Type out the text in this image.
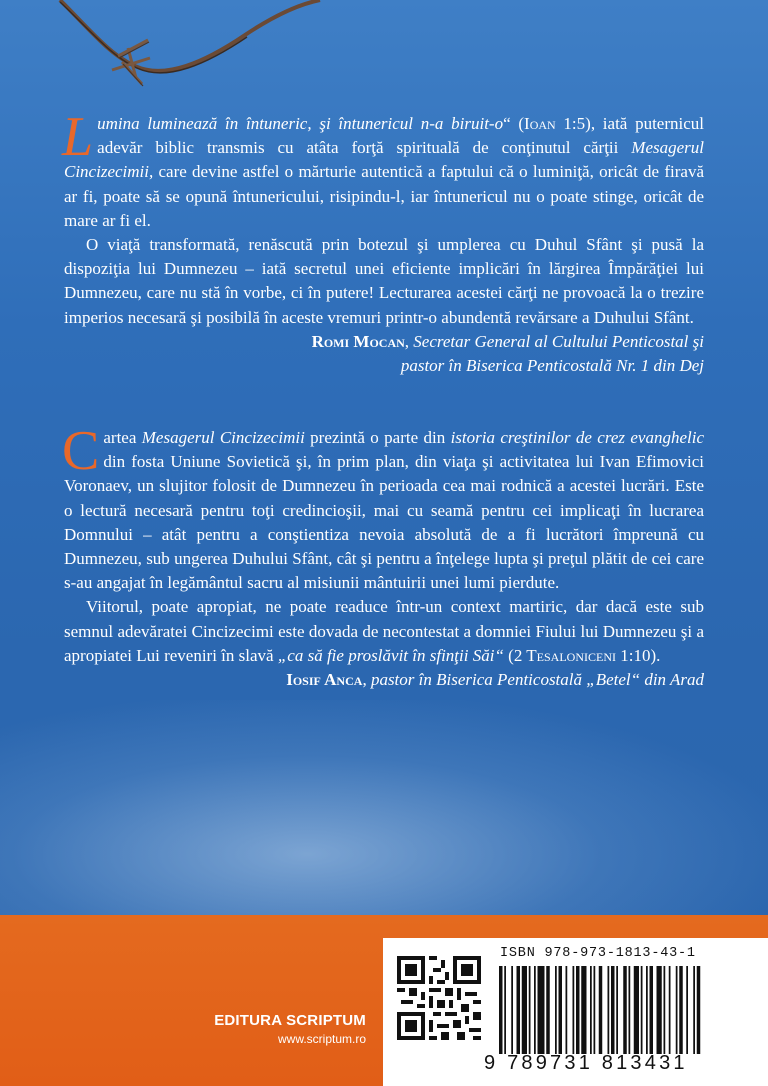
Lumina luminează în întuneric, şi întunericul n-a biruit-o“ (Ioan 1:5), iată puternicul adevăr biblic transmis cu atâta forţă spirituală de conţinutul cărţii Mesagerul Cincizecimii, care devine astfel o mărturie autentică a faptului că o luminiţă, oricât de firavă ar fi, poate să se opună întunericului, risipindu-l, iar întunericul nu o poate stinge, oricât de mare ar fi el.

O viaţă transformată, renăscută prin botezul şi umplerea cu Duhul Sfânt şi pusă la dispoziţia lui Dumnezeu – iată secretul unei eficiente implicări în lărgirea Împărăţiei lui Dumnezeu, care nu stă în vorbe, ci în putere! Lecturarea acestei cărţi ne provoacă la o trezire imperios necesară şi posibilă în aceste vremuri printr-o abundentă revărsare a Duhului Sfânt.

Romi Mocan, Secretar General al Cultului Penticostal şi
pastor în Biserica Penticostală Nr. 1 din Dej

Cartea Mesagerul Cincizecimii prezintă o parte din istoria creştinilor de crez evanghelic din fosta Uniune Sovietică şi, în prim plan, din viaţa şi activitatea lui Ivan Efimovici Voronaev, un slujitor folosit de Dumnezeu în perioada cea mai rodnică a acestei lucrări. Este o lectură necesară pentru toţi credincioşii, mai cu seamă pentru cei implicaţi în lucrarea Domnului – atât pentru a conştientiza nevoia absolută de a fi lucrători împreună cu Dumnezeu, sub ungerea Duhului Sfânt, cât şi pentru a înţelege lupta şi preţul plătit de cei care s-au angajat în legământul sacru al misiunii mântuirii unei lumi pierdute.

Viitorul, poate apropiat, ne poate readuce într-un context martiric, dar dacă este sub semnul adevăratei Cincizecimi este dovada de necontestat a domniei Fiului lui Dumnezeu şi a apropiatei Lui reveniri în slavă „ca să fie proslăvit în sfinţii Săi“ (2 Tesaloniceni 1:10).

Iosif Anca, pastor în Biserica Penticostală „Betel“ din Arad

EDITURA SCRIPTUM
www.scriptum.ro
ISBN 978-973-1813-43-1
9 789731 813431
